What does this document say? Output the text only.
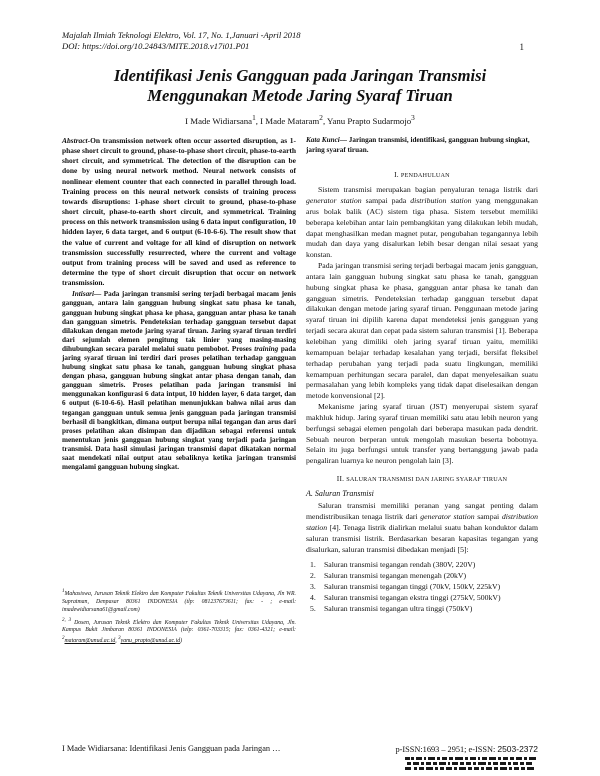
Majalah Ilmiah Teknologi Elektro, Vol. 17, No. 1,Januari -April 2018
DOI: https://doi.org/10.24843/MITE.2018.v17i01.P01	1
Identifikasi Jenis Gangguan pada Jaringan Transmisi
Menggunakan Metode Jaring Syaraf Tiruan
I Made Widiarsana$^1$, I Made Mataram$^2$, Yanu Prapto Sudarmojo$^3$

Abstract-On transmission network often occur assorted disruption, as 1-phase short circuit to ground, phase-to-phase short circuit, phase-to-earth short circuit, and symmetrical. The detection of the disruption can be done by using neural network method. Neural network consists of nonlinear element counter that each connected in parallel through load. Training process on this neural network consists of training process towards disruptions: 1-phase short circuit to ground, phase-to-phase short circuit, phase-to-earth short circuit, and symmetrical. Training process on this network transmission using 6 data input configuration, 10 hidden layer, 6 data target, and 6 output (6-10-6-6). The result show that the value of current and voltage for all kind of disruption on network transmission successfully resurrected, where the current and voltage output from training process will be saved and used as reference to determine the type of short circuit disruption that occur on network transmission.

Intisari— Pada jaringan transmisi sering terjadi berbagai macam jenis gangguan, antara lain gangguan hubung singkat satu phasa ke tanah, gangguan hubung singkat phasa ke phasa, gangguan antar phasa ke tanah dan gangguan simetris. Pendeteksian terhadap gangguan tersebut dapat dilakukan dengan metode jaring syaraf tiruan. Jaring syaraf tiruan terdiri dari sejumlah elemen pengitung tak linier yang masing-masing dihubungkan secara paralel melalui suatu pembobot. Proses training pada jaring syaraf tiruan ini terdiri dari proses pelatihan terhadap gangguan hubung singkat satu phasa ke tanah, gangguan hubung singkat phasa dengan phasa, gangguan hubung singkat antar phasa dengan tanah, dan gangguan simetris. Proses pelatihan pada jaringan transmisi ini menggunakan konfigurasi 6 data intput, 10 hidden layer, 6 data target, dan 6 output (6-10-6-6). Hasil pelatihan menunjukkan bahwa nilai arus dan tegangan gangguan untuk semua jenis gangguan pada jaringan transmisi berhasil di bangkitkan, dimana output berupa nilai tegangan dan arus dari proses pelatihan akan disimpan dan dijadikan sebagai referensi untuk menentukan jenis gangguan hubung singkat yang terjadi pada jaringan transmisi. Data hasil simulasi jaringan transmisi dapat dikatakan normal saat mendekati nilai output atau sebaliknya ketika jaringan transmisi mengalami gangguan hubung singkat.

$^1$Mahasiswa, Jurusan Teknik Elektro dan Komputer Fakultas Teknik Universitas Udayana, Jln WR. Supratman, Denpasar 80361 INDONESIA (tlp: 081237673611; fax: - ; e-mail: imadewidiarsana61@gmail.com)

$^{2, 3}$ Dosen, Jurusan Teknik Elektro dan Komputer Fakultas Teknik Universitas Udayana, Jln. Kampus Bukit Jimbaran 80361 INDONESIA (telp: 0361-703315; fax: 0361-4321; e-mail: $^2$mataram@unud.ac.id, $^3$yanu_prapto@unud.ac.id)

Kata Kunci— Jaringan transmisi, identifikasi, gangguan hubung singkat, jaring syaraf tiruan.

I. PENDAHULUAN

Sistem transmisi merupakan bagian penyaluran tenaga listrik dari generator station sampai pada distribution station yang menggunakan arus bolak balik (AC) sistem tiga phasa. Sistem tersebut memiliki beberapa kelebihan antar lain pembangkitan yang dilakukan lebih mudah, dapat menghasilkan medan magnet putar, pengubahan tegangannya lebih mudah dan daya yang disalurkan lebih besar dengan nilai sesaat yang konstan.

Pada jaringan transmisi sering terjadi berbagai macam jenis gangguan, antara lain gangguan hubung singkat satu phasa ke tanah, gangguan hubung singkat phasa ke phasa, gangguan antar phasa ke tanah dan gangguan simetris. Pendeteksian terhadap gangguan tersebut dapat dilakukan dengan metode jaring syaraf tiruan. Penggunaan metode jaring syaraf tiruan ini dipilih karena dapat mendeteksi jenis gangguan yang terjadi secara akurat dan cepat pada sistem saluran transmisi [1]. Beberapa kelebihan yang dimiliki oleh jaring syaraf tiruan yaitu, memiliki kemampuan belajar terhadap kesalahan yang terjadi, bersifat fleksibel terhadap perubahan yang terjadi pada suatu lingkungan, memiliki kemampuan perhitungan secara paralel, dan dapat menyelesaikan suatu permasalahan yang lebih kompleks yang tidak dapat diselesaikan dengan metode konvensional [2].

Mekanisme jaring syaraf tiruan (JST) menyerupai sistem syaraf makhluk hidup. Jaring syaraf tiruan memiliki satu atau lebih neuron yang berfungsi sebagai elemen pengolah dari beberapa masukan pada dendrit. Sebuah neuron berperan untuk mengolah masukan beserta bobotnya. Selain itu juga berfungsi untuk transfer yang bertanggung jawab pada pengaliran luarnya ke neuron pengolah lain [3].

II. SALURAN TRANSMISI DAN JARING SYARAF TIRUAN
A. Saluran Transmisi

Saluran transmisi memiliki peranan yang sangat penting dalam mendistribusikan tenaga listrik dari generator station sampai distribution station [4]. Tenaga listrik dialirkan melalui suatu bahan konduktor dalam saluran transmisi listrik. Berdasarkan besaran kapasitas tegangan yang disalurkan, saluran transmisi dibedakan menjadi [5]:

1. Saluran transmisi tegangan rendah (380V, 220V)
2. Saluran transmisi tegangan menengah (20kV)
3. Saluran transmisi tegangan tinggi (70kV, 150kV, 225kV)
4. Saluran transmisi tegangan ekstra tinggi (275kV, 500kV)
5. Saluran transmisi tegangan ultra tinggi (750kV)
I Made Widiarsana: Identifikasi Jenis Gangguan pada Jaringan …	p-ISSN:1693 – 2951; e-ISSN: 2503-2372
